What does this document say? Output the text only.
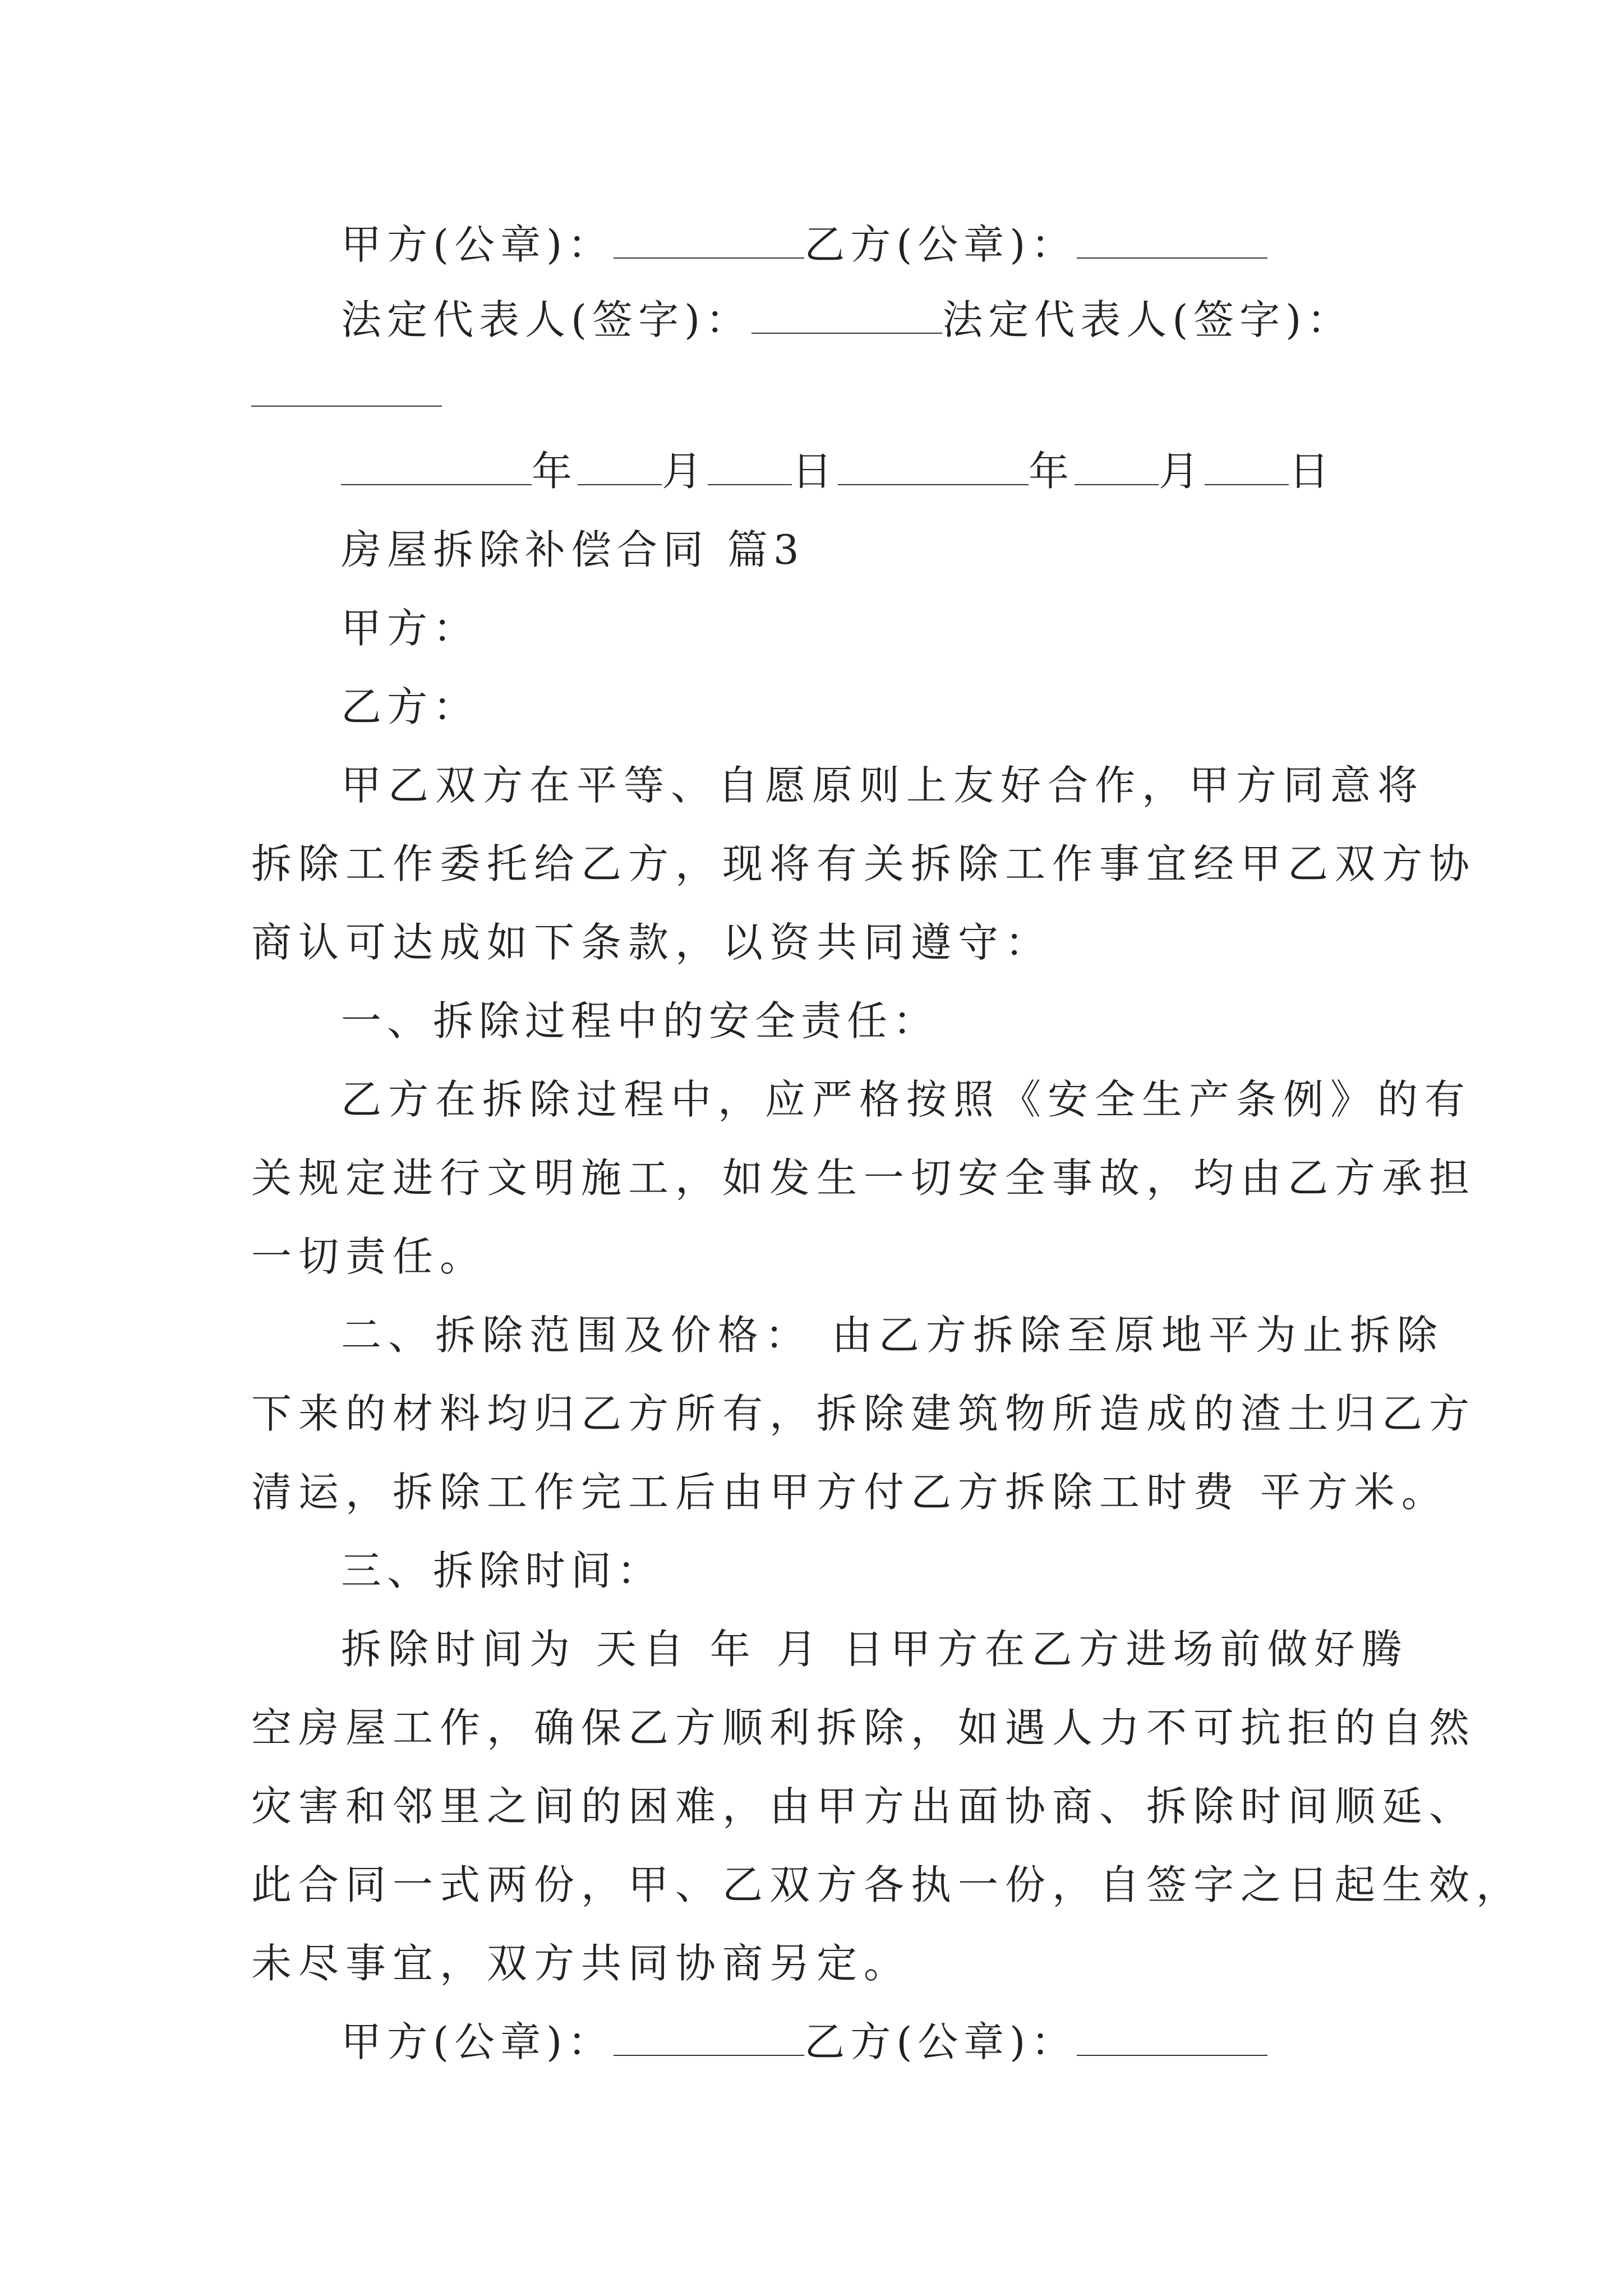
甲方(公章)：	乙方(公章)：
法定代表人(签字)：	法定代表人(签字)：
年 月 日	年 月 日
房屋拆除补偿合同 篇3
甲方：
乙方：
甲乙双方在平等、自愿原则上友好合作，甲方同意将
拆除工作委托给乙方，现将有关拆除工作事宜经甲乙双方协
商认可达成如下条款，以资共同遵守：
一、拆除过程中的安全责任：
乙方在拆除过程中，应严格按照《安全生产条例》的有
关规定进行文明施工，如发生一切安全事故，均由乙方承担
一切责任。
二、拆除范围及价格： 由乙方拆除至原地平为止拆除
下来的材料均归乙方所有，拆除建筑物所造成的渣土归乙方
清运，拆除工作完工后由甲方付乙方拆除工时费 平方米。
三、拆除时间：
拆除时间为 天自 年 月 日甲方在乙方进场前做好腾
空房屋工作，确保乙方顺利拆除，如遇人力不可抗拒的自然
灾害和邻里之间的困难，由甲方出面协商、拆除时间顺延、
此合同一式两份，甲、乙双方各执一份，自签字之日起生效，
未尽事宜，双方共同协商另定。
甲方(公章)：	乙方(公章)：
